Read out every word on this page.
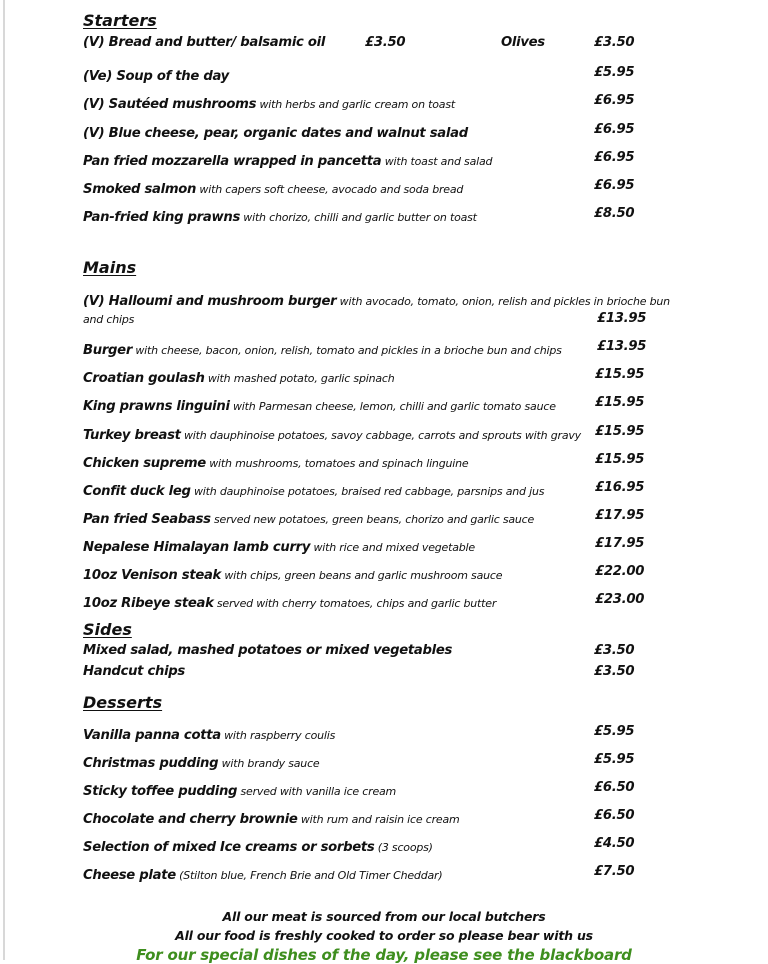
Starters
(V) Bread and butter/ balsamic oil	£3.50	Olives	£3.50
(Ve) Soup of the day	£5.95
(V) Sautéed mushrooms with herbs and garlic cream on toast	£6.95
(V) Blue cheese, pear, organic dates and walnut salad	£6.95
Pan fried mozzarella wrapped in pancetta with toast and salad	£6.95
Smoked salmon with capers soft cheese, avocado and soda bread	£6.95
Pan-fried king prawns with chorizo, chilli and garlic butter on toast	£8.50
Mains
(V) Halloumi and mushroom burger with avocado, tomato, onion, relish and pickles in brioche bun
and chips	£13.95
Burger with cheese, bacon, onion, relish, tomato and pickles in a brioche bun and chips	£13.95
Croatian goulash with mashed potato, garlic spinach	£15.95
King prawns linguini with Parmesan cheese, lemon, chilli and garlic tomato sauce	£15.95
Turkey breast with dauphinoise potatoes, savoy cabbage, carrots and sprouts with gravy £15.95
Chicken supreme with mushrooms, tomatoes and spinach linguine	£15.95
Confit duck leg with dauphinoise potatoes, braised red cabbage, parsnips and jus	£16.95
Pan fried Seabass served new potatoes, green beans, chorizo and garlic sauce	£17.95
Nepalese Himalayan lamb curry with rice and mixed vegetable	£17.95
10oz Venison steak with chips, green beans and garlic mushroom sauce	£22.00
10oz Ribeye steak served with cherry tomatoes, chips and garlic butter	£23.00
Sides
Mixed salad, mashed potatoes or mixed vegetables	£3.50
Handcut chips	£3.50
Desserts
Vanilla panna cotta with raspberry coulis	£5.95
Christmas pudding with brandy sauce	£5.95
Sticky toffee pudding served with vanilla ice cream	£6.50
Chocolate and cherry brownie with rum and raisin ice cream	£6.50
Selection of mixed Ice creams or sorbets (3 scoops)	£4.50
Cheese plate (Stilton blue, French Brie and Old Timer Cheddar)	£7.50
All our meat is sourced from our local butchers
All our food is freshly cooked to order so please bear with us
For our special dishes of the day, please see the blackboard
